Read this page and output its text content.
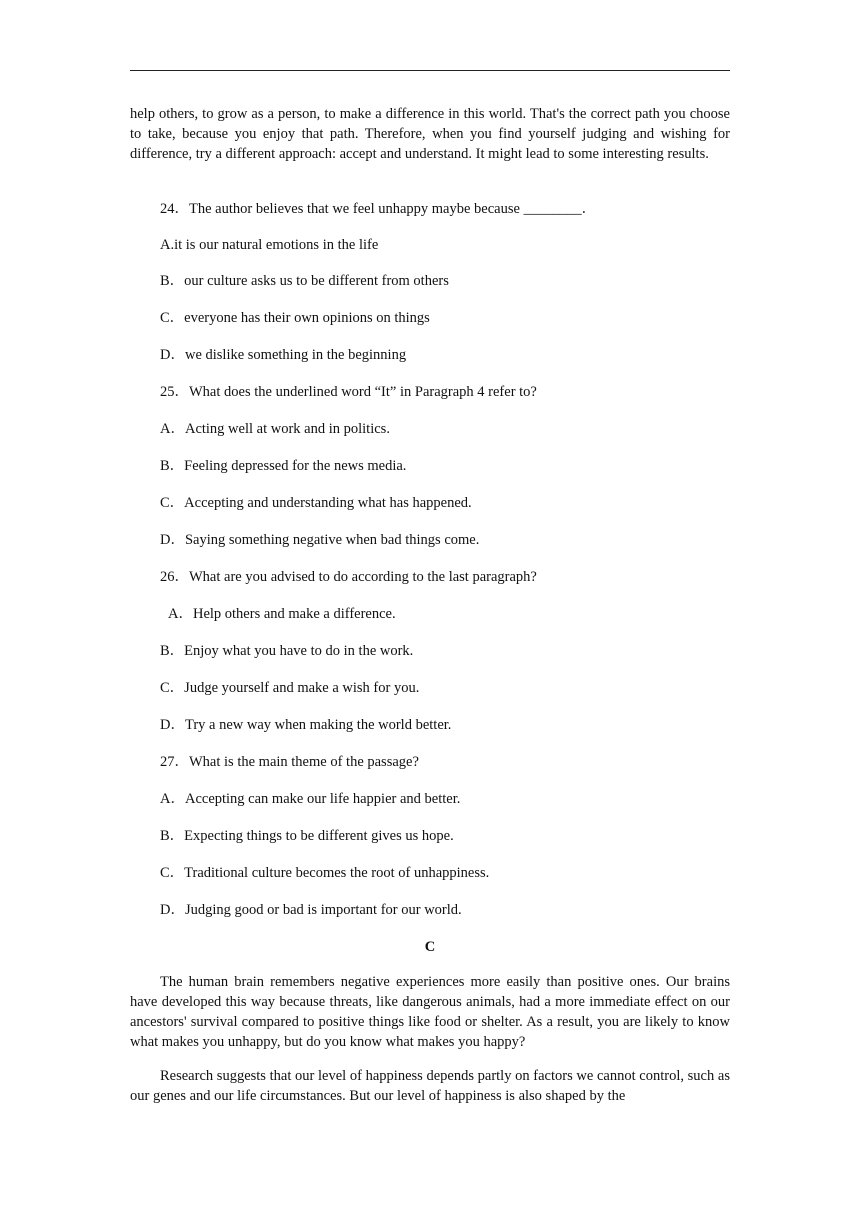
help others, to grow as a person, to make a difference in this world. That's the correct path you choose to take, because you enjoy that path. Therefore, when you find yourself judging and wishing for difference, try a different approach: accept and understand. It might lead to some interesting results.

24．The author believes that we feel unhappy maybe because ________．
A.it is our natural emotions in the life
B．our culture asks us to be different from others
C．everyone has their own opinions on things
D．we dislike something in the beginning
25．What does the underlined word “It” in Paragraph 4 refer to?
A．Acting well at work and in politics.
B．Feeling depressed for the news media.
C．Accepting and understanding what has happened.
D．Saying something negative when bad things come.
26．What are you advised to do according to the last paragraph?
A．Help others and make a difference.
B．Enjoy what you have to do in the work.
C．Judge yourself and make a wish for you.
D．Try a new way when making the world better.
27．What is the main theme of the passage?
A．Accepting can make our life happier and better.
B．Expecting things to be different gives us hope.
C．Traditional culture becomes the root of unhappiness.
D．Judging good or bad is important for our world.
C

The human brain remembers negative experiences more easily than positive ones. Our brains have developed this way because threats, like dangerous animals, had a more immediate effect on our ancestors' survival compared to positive things like food or shelter. As a result, you are likely to know what makes you unhappy, but do you know what makes you happy?

Research suggests that our level of happiness depends partly on factors we cannot control, such as our genes and our life circumstances. But our level of happiness is also shaped by the
